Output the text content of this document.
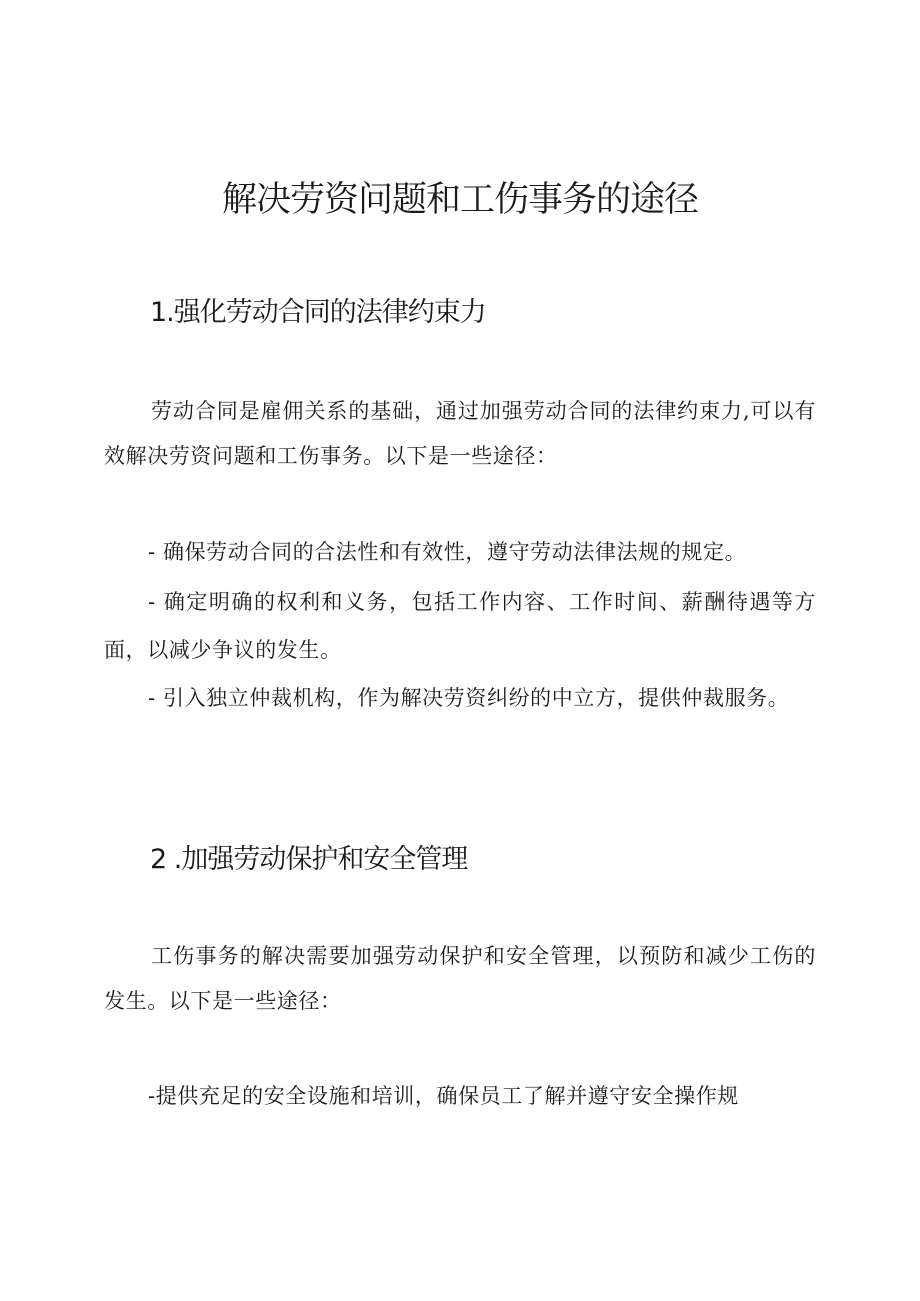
解决劳资问题和工伤事务的途径
1.强化劳动合同的法律约束力

劳动合同是雇佣关系的基础，通过加强劳动合同的法律约束力,可以有效解决劳资问题和工伤事务。以下是一些途径：

- 确保劳动合同的合法性和有效性，遵守劳动法律法规的规定。

- 确定明确的权利和义务，包括工作内容、工作时间、薪酬待遇等方面，以减少争议的发生。

- 引入独立仲裁机构，作为解决劳资纠纷的中立方，提供仲裁服务。

2 .加强劳动保护和安全管理

工伤事务的解决需要加强劳动保护和安全管理，以预防和减少工伤的发生。以下是一些途径：

-提供充足的安全设施和培训，确保员工了解并遵守安全操作规
